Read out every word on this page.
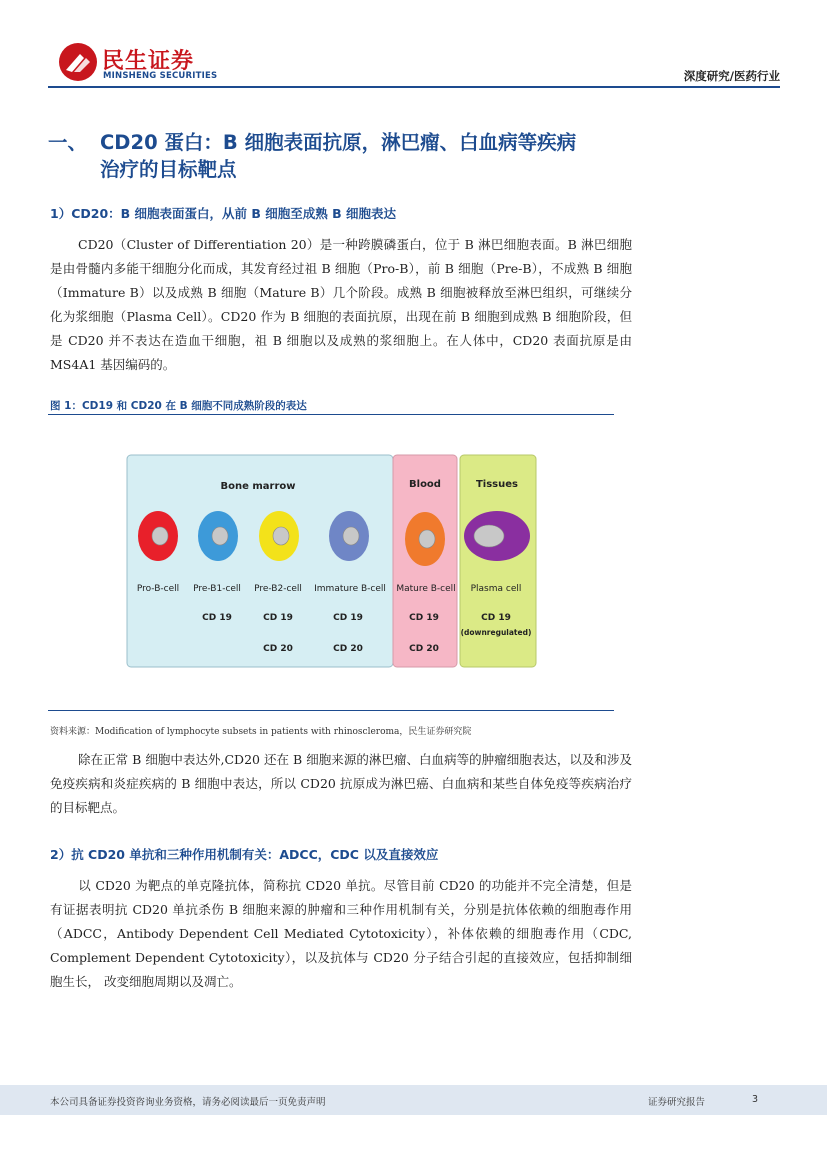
民生证券
MINSHENG SECURITIES	深度研究/医药行业
一、 CD20 蛋白：B 细胞表面抗原，淋巴瘤、白血病等疾病
治疗的目标靶点
1）CD20：B 细胞表面蛋白，从前 B 细胞至成熟 B 细胞表达
CD20（Cluster of Differentiation 20）是一种跨膜磷蛋白，位于 B 淋巴细胞表面。B 淋巴细胞是由骨髓内多能干细胞分化而成，其发育经过祖 B 细胞（Pro-B），前 B 细胞（Pre-B），不成熟 B 细胞（Immature B）以及成熟 B 细胞（Mature B）几个阶段。成熟 B 细胞被释放至淋巴组织，可继续分化为浆细胞（Plasma Cell）。CD20 作为 B 细胞的表面抗原，出现在前 B 细胞到成熟 B 细胞阶段，但是 CD20 并不表达在造血干细胞，祖 B 细胞以及成熟的浆细胞上。在人体中，CD20 表面抗原是由 MS4A1 基因编码的。
图 1：CD19 和 CD20 在 B 细胞不同成熟阶段的表达
Bone marrow	Blood	Tissues
Pro-B-cell Pre-B1-cell
CD 19
Pre-B2-cell
CD 19
CD 20
Immature B-cell
CD 19
CD 20
Mature B-cell
CD 19
CD 20
Plasma cell
CD 19
(downregulated)
资料来源：Modification of lymphocyte subsets in patients with rhinoscleroma，民生证券研究院
除在正常 B 细胞中表达外,CD20 还在 B 细胞来源的淋巴瘤、白血病等的肿瘤细胞表达，以及和涉及免疫疾病和炎症疾病的 B 细胞中表达，所以 CD20 抗原成为淋巴癌、白血病和某些自体免疫等疾病治疗的目标靶点。
2）抗 CD20 单抗和三种作用机制有关：ADCC，CDC 以及直接效应
以 CD20 为靶点的单克隆抗体，简称抗 CD20 单抗。尽管目前 CD20 的功能并不完全清楚，但是有证据表明抗 CD20 单抗杀伤 B 细胞来源的肿瘤和三种作用机制有关，分别是抗体依赖的细胞毒作用（ADCC，Antibody Dependent Cell Mediated Cytotoxicity），补体依赖的细胞毒作用（CDC, Complement Dependent Cytotoxicity），以及抗体与 CD20 分子结合引起的直接效应，包括抑制细胞生长， 改变细胞周期以及凋亡。
本公司具备证券投资咨询业务资格，请务必阅读最后一页免责声明	证券研究报告	3
